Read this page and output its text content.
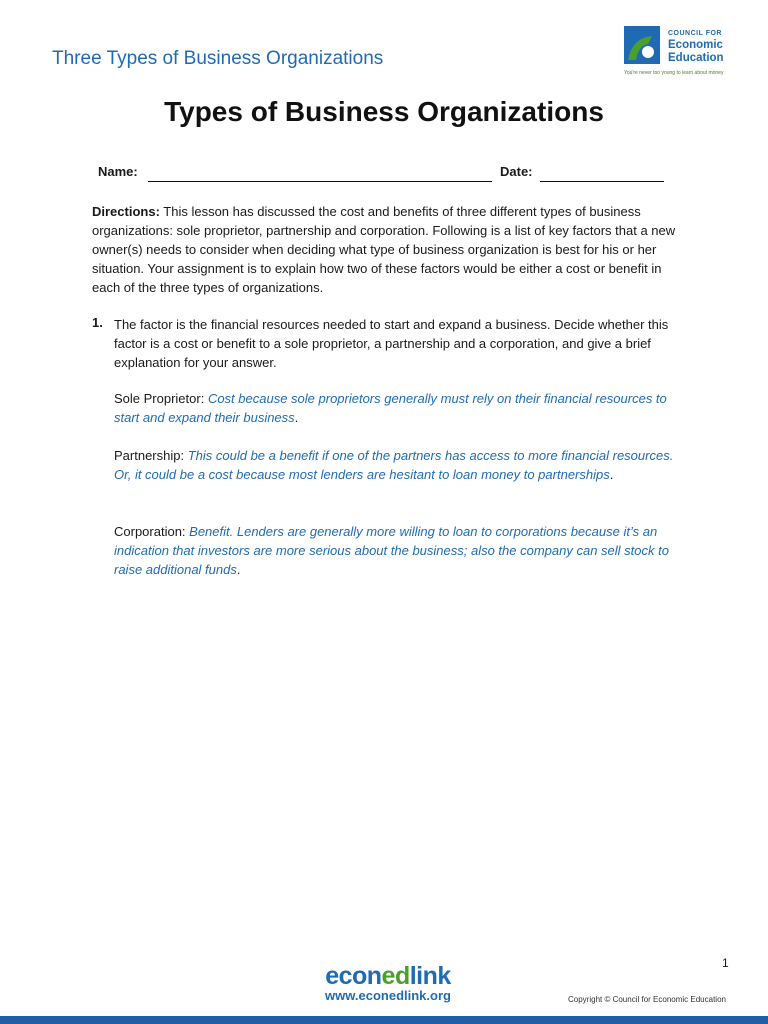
Three Types of Business Organizations
COUNCIL FOR
Economic
Education
You're never too young to learn about money
Types of Business Organizations
Name:	Date:
Directions: This lesson has discussed the cost and benefits of three different types of business organizations: sole proprietor, partnership and corporation. Following is a list of key factors that a new owner(s) needs to consider when deciding what type of business organization is best for his or her situation. Your assignment is to explain how two of these factors would be either a cost or benefit in each of the three types of organizations.
1. The factor is the financial resources needed to start and expand a business. Decide whether this factor is a cost or benefit to a sole proprietor, a partnership and a corporation, and give a brief explanation for your answer.
Sole Proprietor: Cost because sole proprietors generally must rely on their financial resources to start and expand their business.
Partnership: This could be a benefit if one of the partners has access to more financial resources. Or, it could be a cost because most lenders are hesitant to loan money to partnerships.
Corporation: Benefit. Lenders are generally more willing to loan to corporations because it’s an indication that investors are more serious about the business; also the company can sell stock to raise additional funds.
1
econedlink
www.econedlink.org	Copyright © Council for Economic Education
